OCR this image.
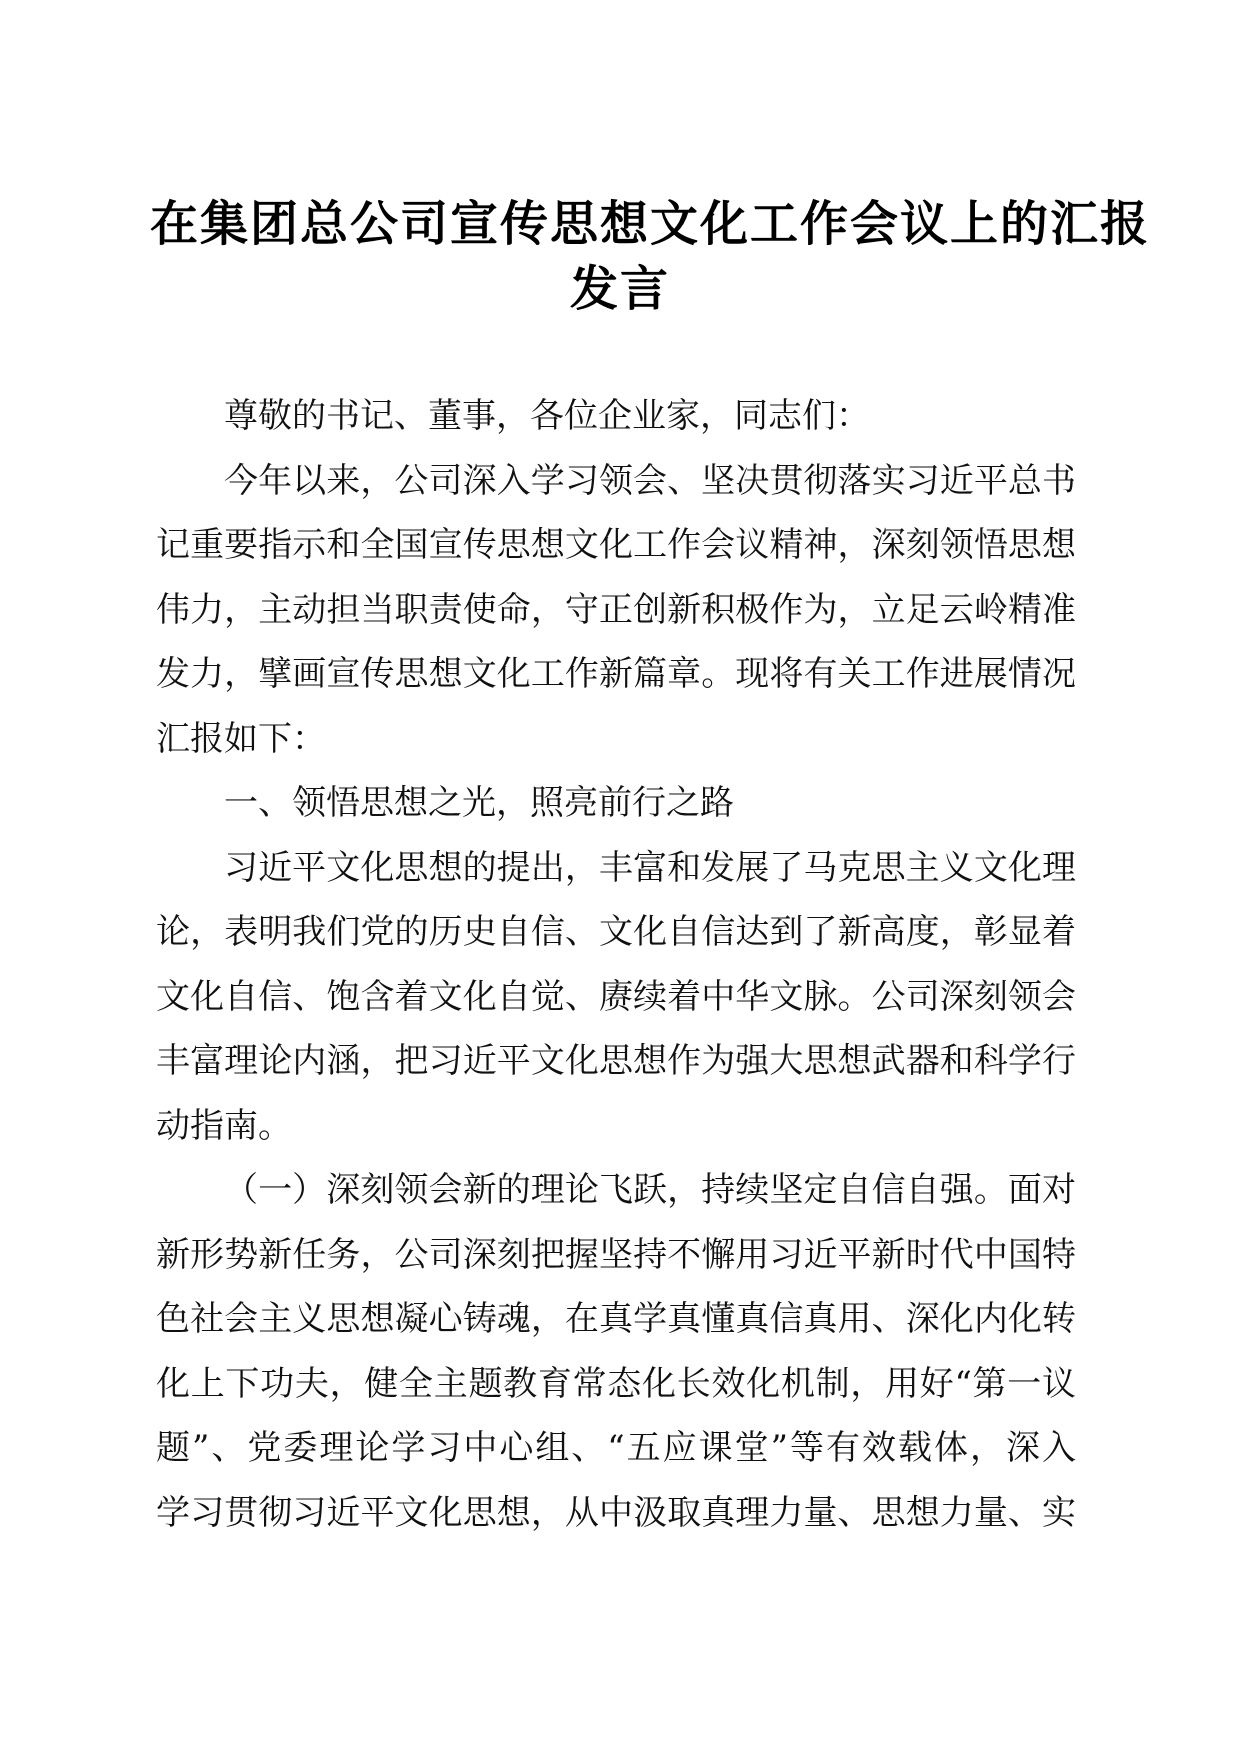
在集团总公司宣传思想文化工作会议上的汇报
发言

尊敬的书记、董事，各位企业家，同志们：

今年以来，公司深入学习领会、坚决贯彻落实习近平总书
记重要指示和全国宣传思想文化工作会议精神，深刻领悟思想
伟力，主动担当职责使命，守正创新积极作为，立足云岭精准
发力，擘画宣传思想文化工作新篇章。现将有关工作进展情况
汇报如下：

一、领悟思想之光，照亮前行之路

习近平文化思想的提出，丰富和发展了马克思主义文化理
论，表明我们党的历史自信、文化自信达到了新高度，彰显着
文化自信、饱含着文化自觉、赓续着中华文脉。公司深刻领会
丰富理论内涵，把习近平文化思想作为强大思想武器和科学行
动指南。

（一）深刻领会新的理论飞跃，持续坚定自信自强。面对
新形势新任务，公司深刻把握坚持不懈用习近平新时代中国特
色社会主义思想凝心铸魂，在真学真懂真信真用、深化内化转
化上下功夫，健全主题教育常态化长效化机制，用好“第一议
题”、党委理论学习中心组、“五应课堂”等有效载体，深入
学习贯彻习近平文化思想，从中汲取真理力量、思想力量、实
